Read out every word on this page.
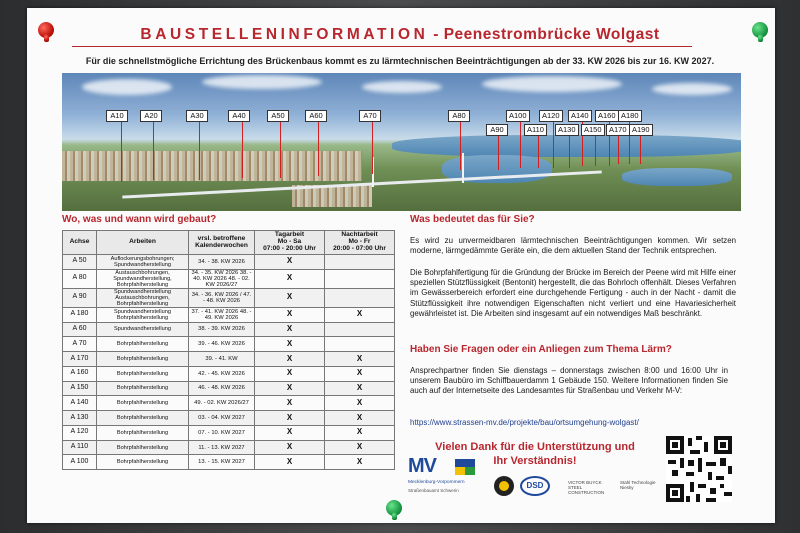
BAUSTELLENINFORMATION - Peenestrombrücke Wolgast
Für die schnellstmögliche Errichtung des Brückenbaus kommt es zu lärmtechnischen Beeinträchtigungen ab der 33. KW 2026 bis zur 16. KW 2027.
A10	A20	A30	A40	A50	A60	A70	A80
A90
A100
A110
A120
A130
A140
A150
A160
A170
A180
A190
Wo, was und wann wird gebaut?
Achse	Arbeiten	vrsl. betroffene Kalenderwochen	Tagarbeit
Mo - Sa
07:00 - 20:00 Uhr	Nachtarbeit
Mo - Fr
20:00 - 07:00 Uhr
A 50	Auflockerungsbohrungen; Spundwandherstellung	34. - 38. KW 2026	X	
A 80	Austauschbohrungen, Spundwandherstellung, Bohrpfahlherstellung	34. - 35. KW 2026 38. - 40. KW 2026 48. - 02. KW 2026/27	X	
A 90	Spundwandherstellung Austauschbohrungen, Bohrpfahlherstellung	34. - 36. KW 2026 / 47. - 48. KW 2026	X	
A 180	Spundwandherstellung Bohrpfahlherstellung	37. - 41. KW 2026 48. - 49. KW 2026	X	X
A 60	Spundwandherstellung	38. - 39. KW 2026	X	
A 70	Bohrpfahlherstellung	39. - 46. KW 2026	X	
A 170	Bohrpfahlherstellung	39. - 41. KW	X	X
A 160	Bohrpfahlherstellung	42. - 45. KW 2026	X	X
A 150	Bohrpfahlherstellung	46. - 48. KW 2026	X	X
A 140	Bohrpfahlherstellung	49. - 02. KW 2026/27	X	X
A 130	Bohrpfahlherstellung	03. - 04. KW 2027	X	X
A 120	Bohrpfahlherstellung	07. - 10. KW 2027	X	X
A 110	Bohrpfahlherstellung	11. - 13. KW 2027	X	X
A 100	Bohrpfahlherstellung	13. - 15. KW 2027	X	X
Was bedeutet das für Sie?
Es wird zu unvermeidbaren lärmtechnischen Beeinträchtigungen kommen. Wir setzen moderne, lärmgedämmte Geräte ein, die dem aktuellen Stand der Technik entsprechen.
Die Bohrpfahlfertigung für die Gründung der Brücke im Bereich der Peene wird mit Hilfe einer speziellen Stützflüssigkeit (Bentonit) hergestellt, die das Bohrloch offenhält. Dieses Verfahren im Gewässerbereich erfordert eine durchgehende Fertigung - auch in der Nacht - damit die Stützflüssigkeit ihre notwendigen Eigenschaften nicht verliert und eine Havariesicherheit gewährleistet ist. Die Arbeiten sind insgesamt auf ein notwendiges Maß beschränkt.
Haben Sie Fragen oder ein Anliegen zum Thema Lärm?
Ansprechpartner finden Sie dienstags – donnerstags zwischen 8:00 und 16:00 Uhr in unserem Baubüro im Schiffbauerdamm 1 Gebäude 150. Weitere Informationen finden Sie auch auf der Internetseite des Landesamtes für Straßenbau und Verkehr M-V:
https://www.strassen-mv.de/projekte/bau/ortsumgehung-wolgast/
Vielen Dank für die Unterstützung und
Ihr Verständnis!
MV
Mecklenburg-Vorpommern
Straßenbauamt Schwerin
DSD	VICTOR BUYCK STEEL CONSTRUCTION
Stahl Technologie Niesky
